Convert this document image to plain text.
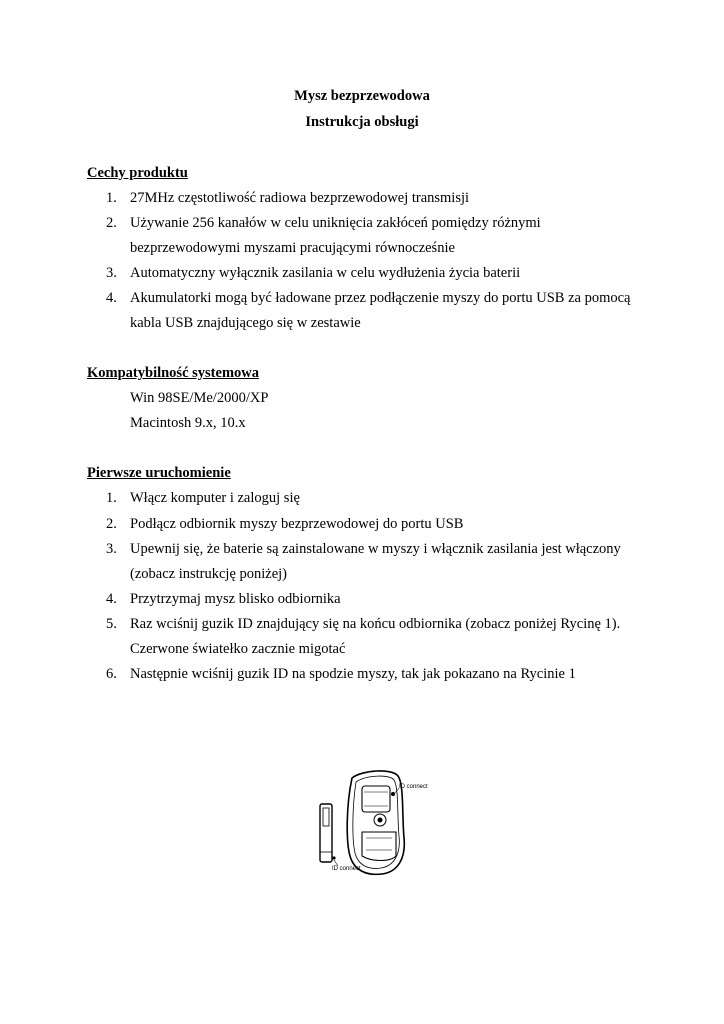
Mysz bezprzewodowa
Instrukcja obsługi
Cechy produktu
1. 27MHz częstotliwość radiowa bezprzewodowej transmisji
2. Używanie 256 kanałów w celu uniknięcia zakłóceń pomiędzy różnymi
bezprzewodowymi myszami pracującymi równocześnie
3. Automatyczny wyłącznik zasilania w celu wydłużenia życia baterii
4. Akumulatorki mogą być ładowane przez podłączenie myszy do portu USB za pomocą
kabla USB znajdującego się w zestawie
Kompatybilność systemowa
Win 98SE/Me/2000/XP
Macintosh 9.x, 10.x
Pierwsze uruchomienie
1. Włącz komputer i zaloguj się
2. Podłącz odbiornik myszy bezprzewodowej do portu USB
3. Upewnij się, że baterie są zainstalowane w myszy i włącznik zasilania jest włączony
(zobacz instrukcję poniżej)
4. Przytrzymaj mysz blisko odbiornika
5. Raz wciśnij guzik ID znajdujący się na końcu odbiornika (zobacz poniżej Rycinę 1).
Czerwone światełko zacznie migotać
6. Następnie wciśnij guzik ID na spodzie myszy, tak jak pokazano na Rycinie 1
ID connect
ID connect
